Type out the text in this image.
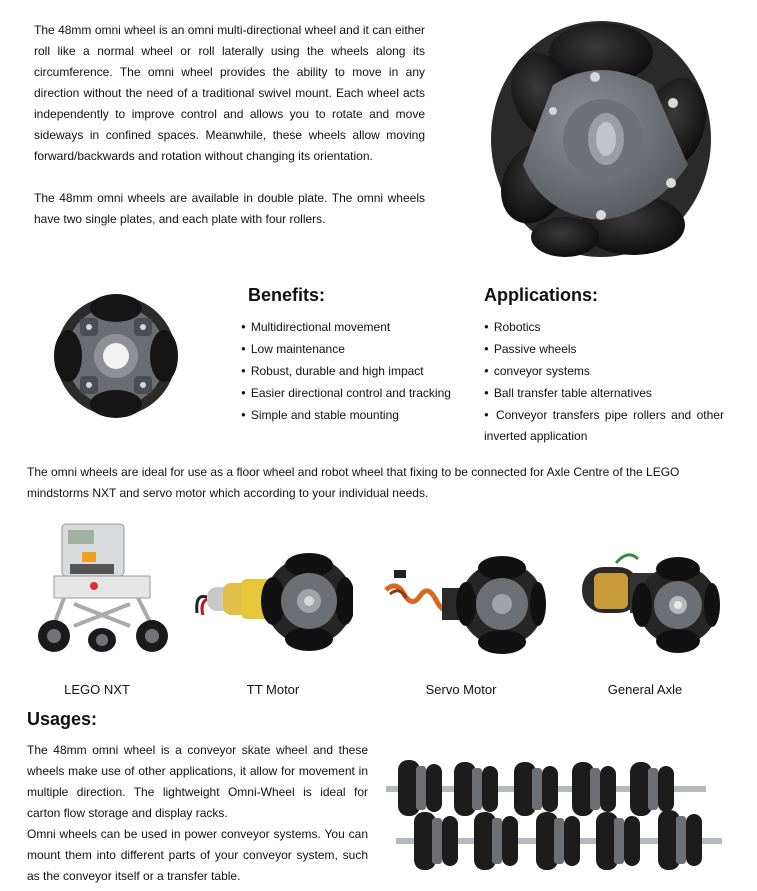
The 48mm omni wheel is an omni multi-directional wheel and it can either roll like a normal wheel or roll laterally using the wheels along its circumference. The omni wheel provides the ability to move in any direction without the need of a traditional swivel mount. Each wheel acts independently to improve control and allows you to rotate and move sideways in confined spaces. Meanwhile, these wheels allow moving forward/backwards and rotation without changing its orientation.

The 48mm omni wheels are available in double plate. The omni wheels have two single plates, and each plate with four rollers.

Benefits:

● Multidirectional movement
● Low maintenance
● Robust, durable and high impact
● Easier directional control and tracking
● Simple and stable mounting

Applications:

● Robotics
● Passive wheels
● conveyor systems
● Ball transfer table alternatives
● Conveyor transfers pipe rollers and other inverted application

The omni wheels are ideal for use as a floor wheel and robot wheel that fixing to be connected for Axle Centre of the LEGO mindstorms NXT and servo motor which according to your individual needs.

LEGO NXT	TT Motor	Servo Motor	General Axle

Usages:

The 48mm omni wheel is a conveyor skate wheel and these wheels make use of other applications, it allow for movement in multiple direction. The lightweight Omni-Wheel is ideal for carton flow storage and display racks.

Omni wheels can be used in power conveyor systems. You can mount them into different parts of your conveyor system, such as the conveyor itself or a transfer table.
